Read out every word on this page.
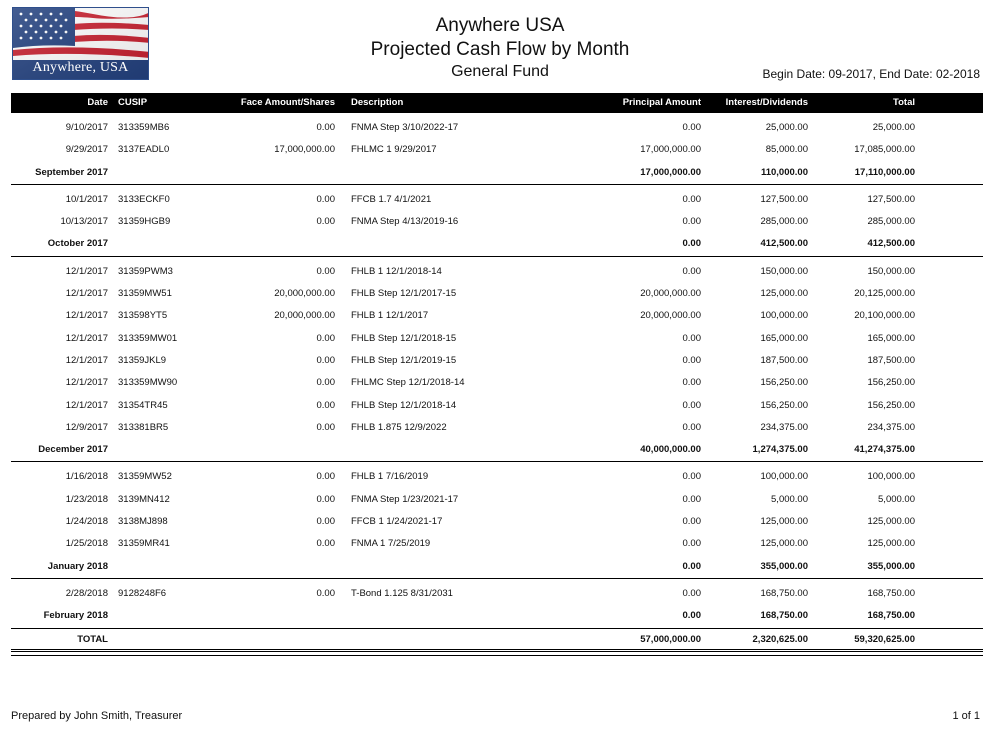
Anywhere, USA
Anywhere USA
Projected Cash Flow by Month
General Fund	Begin Date: 09-2017, End Date: 02-2018
Date CUSIP	Face Amount/Shares Description	Principal Amount	Interest/Dividends	Total
9/10/2017 313359MB6	0.00 FNMA Step 3/10/2022-17	0.00	25,000.00	25,000.00
9/29/2017 3137EADL0	17,000,000.00 FHLMC 1 9/29/2017	17,000,000.00	85,000.00	17,085,000.00
September 2017	17,000,000.00	110,000.00	17,110,000.00
10/1/2017 3133ECKF0	0.00 FFCB 1.7 4/1/2021	0.00	127,500.00	127,500.00
10/13/2017 31359HGB9	0.00 FNMA Step 4/13/2019-16	0.00	285,000.00	285,000.00
October 2017	0.00	412,500.00	412,500.00
12/1/2017 31359PWM3	0.00 FHLB 1 12/1/2018-14	0.00	150,000.00	150,000.00
12/1/2017 31359MW51	20,000,000.00 FHLB Step 12/1/2017-15	20,000,000.00	125,000.00	20,125,000.00
12/1/2017 313598YT5	20,000,000.00 FHLB 1 12/1/2017	20,000,000.00	100,000.00	20,100,000.00
12/1/2017 313359MW01	0.00 FHLB Step 12/1/2018-15	0.00	165,000.00	165,000.00
12/1/2017 31359JKL9	0.00 FHLB Step 12/1/2019-15	0.00	187,500.00	187,500.00
12/1/2017 313359MW90	0.00 FHLMC Step 12/1/2018-14	0.00	156,250.00	156,250.00
12/1/2017 31354TR45	0.00 FHLB Step 12/1/2018-14	0.00	156,250.00	156,250.00
12/9/2017 313381BR5	0.00 FHLB 1.875 12/9/2022	0.00	234,375.00	234,375.00
December 2017	40,000,000.00	1,274,375.00	41,274,375.00
1/16/2018 31359MW52	0.00 FHLB 1 7/16/2019	0.00	100,000.00	100,000.00
1/23/2018 3139MN412	0.00 FNMA Step 1/23/2021-17	0.00	5,000.00	5,000.00
1/24/2018 3138MJ898	0.00 FFCB 1 1/24/2021-17	0.00	125,000.00	125,000.00
1/25/2018 31359MR41	0.00 FNMA 1 7/25/2019	0.00	125,000.00	125,000.00
January 2018	0.00	355,000.00	355,000.00
2/28/2018 9128248F6	0.00 T-Bond 1.125 8/31/2031	0.00	168,750.00	168,750.00
February 2018	0.00	168,750.00	168,750.00
TOTAL	57,000,000.00	2,320,625.00	59,320,625.00
Prepared by John Smith, Treasurer	1 of 1
